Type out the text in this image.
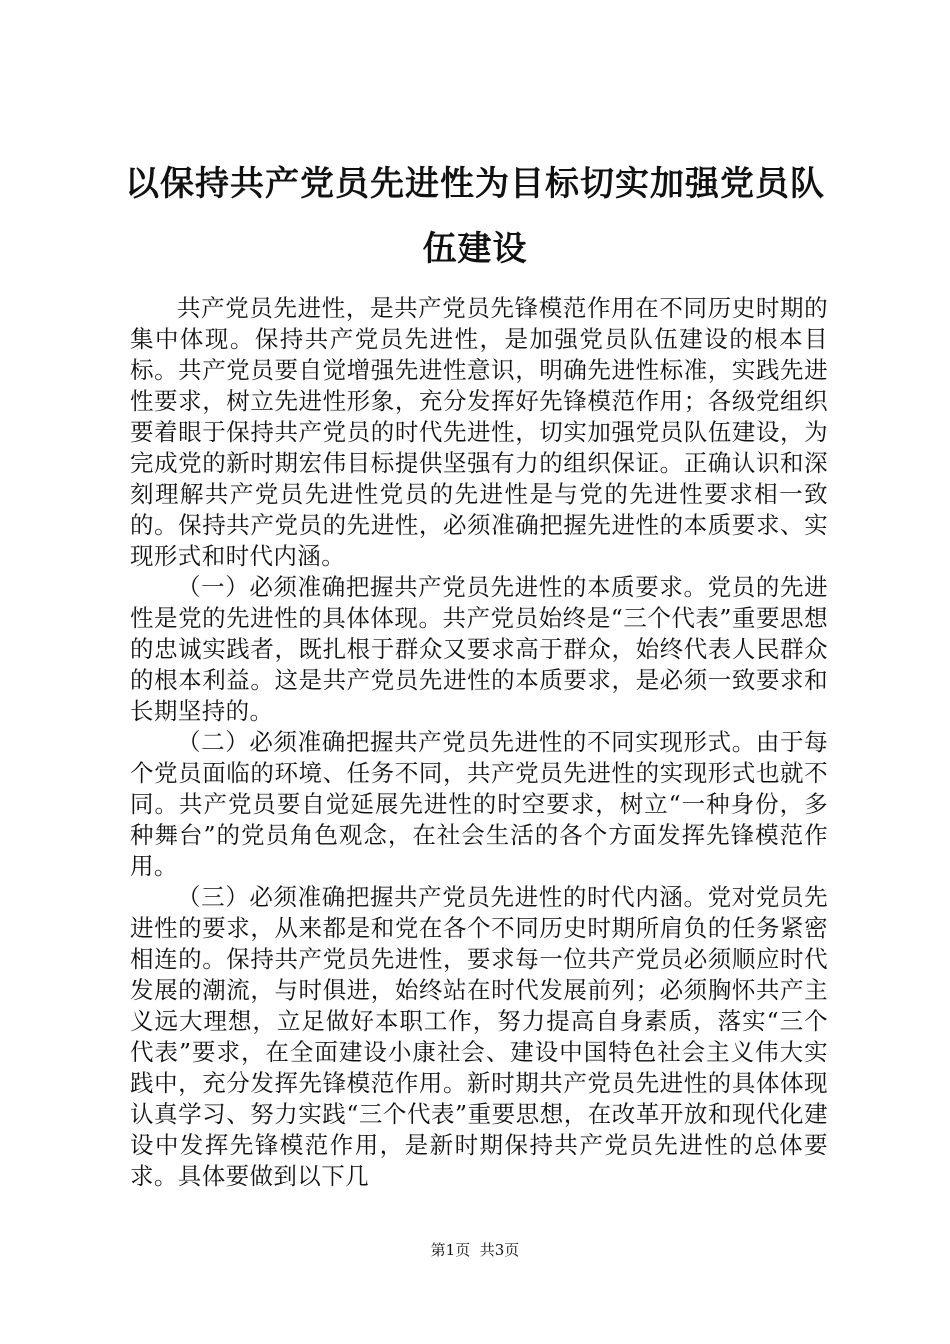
以保持共产党员先进性为目标切实加强党员队伍建设

共产党员先进性，是共产党员先锋模范作用在不同历史时期的集中体现。保持共产党员先进性，是加强党员队伍建设的根本目标。共产党员要自觉增强先进性意识，明确先进性标准，实践先进性要求，树立先进性形象，充分发挥好先锋模范作用；各级党组织要着眼于保持共产党员的时代先进性，切实加强党员队伍建设，为完成党的新时期宏伟目标提供坚强有力的组织保证。正确认识和深刻理解共产党员先进性党员的先进性是与党的先进性要求相一致的。保持共产党员的先进性，必须准确把握先进性的本质要求、实现形式和时代内涵。

（一）必须准确把握共产党员先进性的本质要求。党员的先进性是党的先进性的具体体现。共产党员始终是“三个代表”重要思想的忠诚实践者，既扎根于群众又要求高于群众，始终代表人民群众的根本利益。这是共产党员先进性的本质要求，是必须一致要求和长期坚持的。

（二）必须准确把握共产党员先进性的不同实现形式。由于每个党员面临的环境、任务不同，共产党员先进性的实现形式也就不同。共产党员要自觉延展先进性的时空要求，树立“一种身份，多种舞台”的党员角色观念，在社会生活的各个方面发挥先锋模范作用。

（三）必须准确把握共产党员先进性的时代内涵。党对党员先进性的要求，从来都是和党在各个不同历史时期所肩负的任务紧密相连的。保持共产党员先进性，要求每一位共产党员必须顺应时代发展的潮流，与时俱进，始终站在时代发展前列；必须胸怀共产主义远大理想，立足做好本职工作，努力提高自身素质，落实“三个代表”要求，在全面建设小康社会、建设中国特色社会主义伟大实践中，充分发挥先锋模范作用。新时期共产党员先进性的具体体现认真学习、努力实践“三个代表”重要思想，在改革开放和现代化建设中发挥先锋模范作用，是新时期保持共产党员先进性的总体要求。具体要做到以下几

第1页 共3页
